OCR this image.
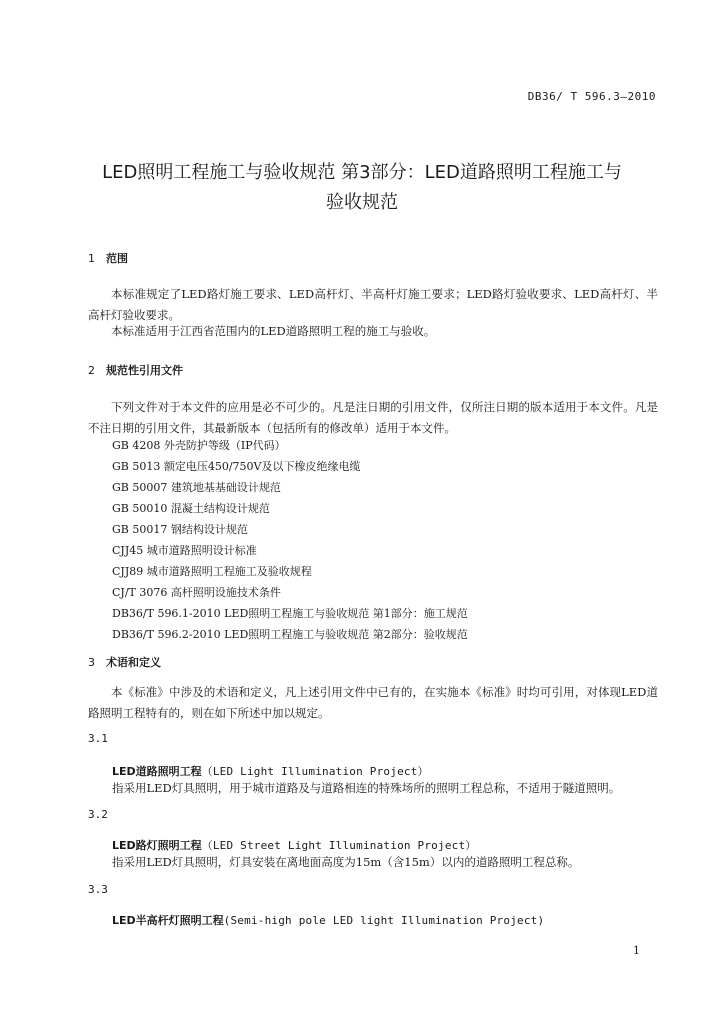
DB36/ T 596.3—2010
LED照明工程施工与验收规范 第3部分：LED道路照明工程施工与
验收规范
1 范围
本标准规定了LED路灯施工要求、LED高杆灯、半高杆灯施工要求；LED路灯验收要求、LED高杆灯、半高杆灯验收要求。
本标准适用于江西省范围内的LED道路照明工程的施工与验收。
2 规范性引用文件
下列文件对于本文件的应用是必不可少的。凡是注日期的引用文件，仅所注日期的版本适用于本文件。凡是不注日期的引用文件，其最新版本（包括所有的修改单）适用于本文件。
GB 4208 外壳防护等级（IP代码）
GB 5013 额定电压450/750V及以下橡皮绝缘电缆
GB 50007 建筑地基基础设计规范
GB 50010 混凝土结构设计规范
GB 50017 钢结构设计规范
CJJ45 城市道路照明设计标准
CJJ89 城市道路照明工程施工及验收规程
CJ/T 3076 高杆照明设施技术条件
DB36/T 596.1-2010 LED照明工程施工与验收规范 第1部分：施工规范
DB36/T 596.2-2010 LED照明工程施工与验收规范 第2部分：验收规范
3 术语和定义
本《标准》中涉及的术语和定义，凡上述引用文件中已有的，在实施本《标准》时均可引用，对体现LED道路照明工程特有的，则在如下所述中加以规定。
3.1
LED道路照明工程（LED Light Illumination Project）
指采用LED灯具照明，用于城市道路及与道路相连的特殊场所的照明工程总称，不适用于隧道照明。
3.2
LED路灯照明工程（LED Street Light Illumination Project）
指采用LED灯具照明，灯具安装在离地面高度为15m（含15m）以内的道路照明工程总称。
3.3
LED半高杆灯照明工程(Semi-high pole LED light Illumination Project)
1
